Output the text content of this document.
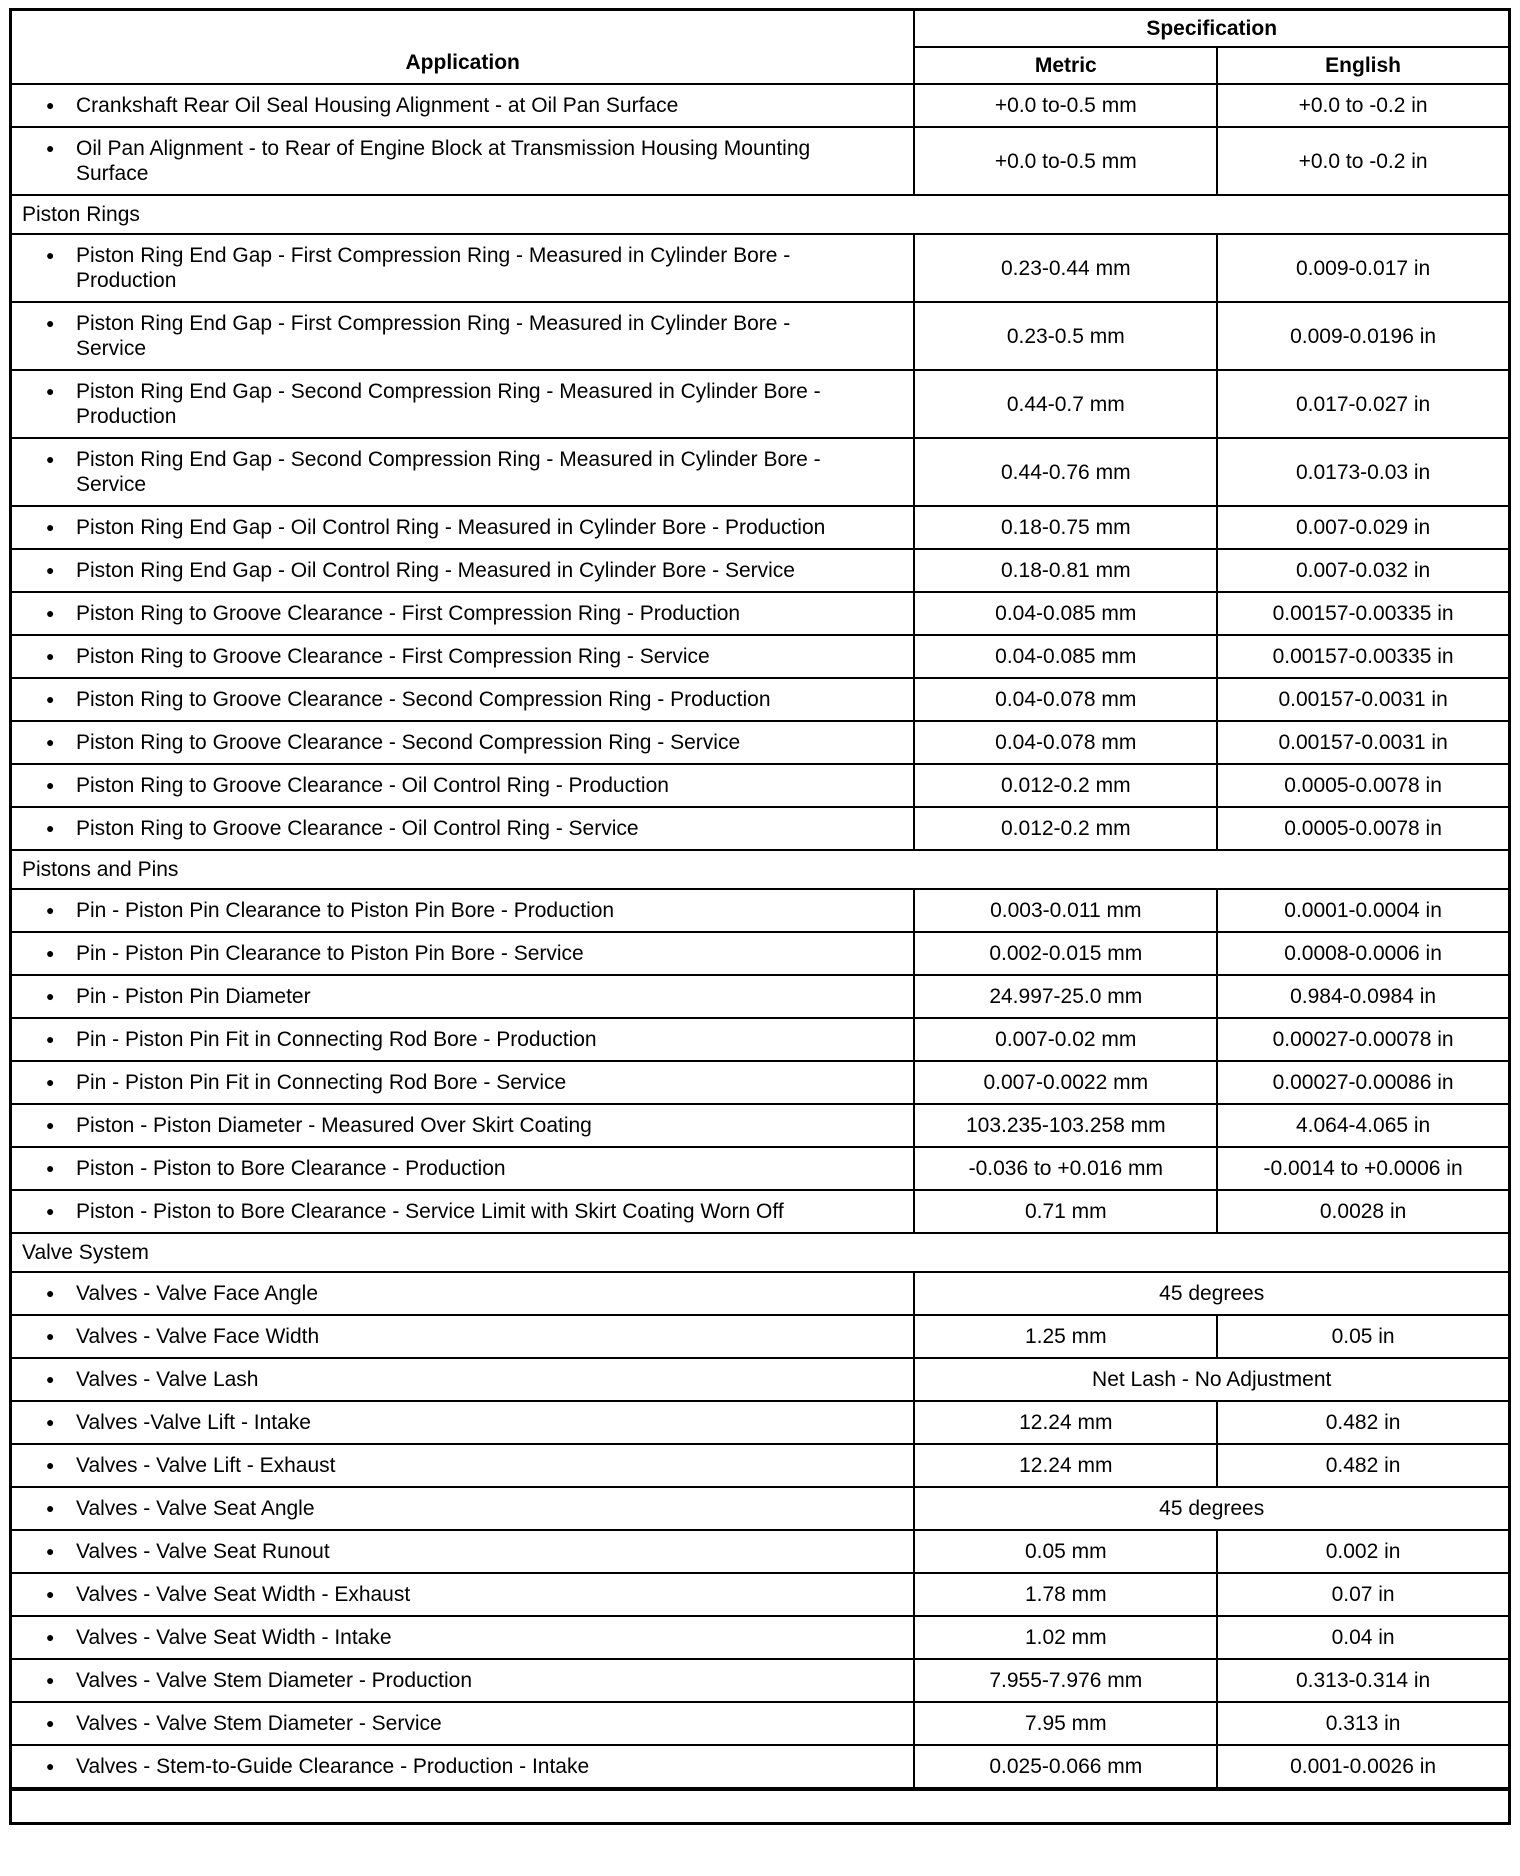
Application	Specification	
	Metric	English

● Crankshaft Rear Oil Seal Housing Alignment - at Oil Pan Surface	+0.0 to-0.5 mm	+0.0 to -0.2 in

● Oil Pan Alignment - to Rear of Engine Block at Transmission Housing Mounting Surface	+0.0 to-0.5 mm	+0.0 to -0.2 in
Piston Rings		

● Piston Ring End Gap - First Compression Ring - Measured in Cylinder Bore - Production	0.23-0.44 mm	0.009-0.017 in

● Piston Ring End Gap - First Compression Ring - Measured in Cylinder Bore - Service	0.23-0.5 mm	0.009-0.0196 in

● Piston Ring End Gap - Second Compression Ring - Measured in Cylinder Bore - Production	0.44-0.7 mm	0.017-0.027 in

● Piston Ring End Gap - Second Compression Ring - Measured in Cylinder Bore - Service	0.44-0.76 mm	0.0173-0.03 in

● Piston Ring End Gap - Oil Control Ring - Measured in Cylinder Bore - Production	0.18-0.75 mm	0.007-0.029 in

● Piston Ring End Gap - Oil Control Ring - Measured in Cylinder Bore - Service	0.18-0.81 mm	0.007-0.032 in

● Piston Ring to Groove Clearance - First Compression Ring - Production	0.04-0.085 mm	0.00157-0.00335 in

● Piston Ring to Groove Clearance - First Compression Ring - Service	0.04-0.085 mm	0.00157-0.00335 in

● Piston Ring to Groove Clearance - Second Compression Ring - Production	0.04-0.078 mm	0.00157-0.0031 in

● Piston Ring to Groove Clearance - Second Compression Ring - Service	0.04-0.078 mm	0.00157-0.0031 in

● Piston Ring to Groove Clearance - Oil Control Ring - Production	0.012-0.2 mm	0.0005-0.0078 in

● Piston Ring to Groove Clearance - Oil Control Ring - Service	0.012-0.2 mm	0.0005-0.0078 in
Pistons and Pins		

● Pin - Piston Pin Clearance to Piston Pin Bore - Production	0.003-0.011 mm	0.0001-0.0004 in

● Pin - Piston Pin Clearance to Piston Pin Bore - Service	0.002-0.015 mm	0.0008-0.0006 in

● Pin - Piston Pin Diameter	24.997-25.0 mm	0.984-0.0984 in

● Pin - Piston Pin Fit in Connecting Rod Bore - Production	0.007-0.02 mm	0.00027-0.00078 in

● Pin - Piston Pin Fit in Connecting Rod Bore - Service	0.007-0.0022 mm	0.00027-0.00086 in

● Piston - Piston Diameter - Measured Over Skirt Coating	103.235-103.258 mm	4.064-4.065 in

● Piston - Piston to Bore Clearance - Production	-0.036 to +0.016 mm	-0.0014 to +0.0006 in

● Piston - Piston to Bore Clearance - Service Limit with Skirt Coating Worn Off	0.71 mm	0.0028 in
Valve System		

● Valves - Valve Face Angle	45 degrees	

● Valves - Valve Face Width	1.25 mm	0.05 in

● Valves - Valve Lash	Net Lash - No Adjustment	

● Valves -Valve Lift - Intake	12.24 mm	0.482 in

● Valves - Valve Lift - Exhaust	12.24 mm	0.482 in

● Valves - Valve Seat Angle	45 degrees	

● Valves - Valve Seat Runout	0.05 mm	0.002 in

● Valves - Valve Seat Width - Exhaust	1.78 mm	0.07 in

● Valves - Valve Seat Width - Intake	1.02 mm	0.04 in

● Valves - Valve Stem Diameter - Production	7.955-7.976 mm	0.313-0.314 in

● Valves - Valve Stem Diameter - Service	7.95 mm	0.313 in

● Valves - Stem-to-Guide Clearance - Production - Intake	0.025-0.066 mm	0.001-0.0026 in
